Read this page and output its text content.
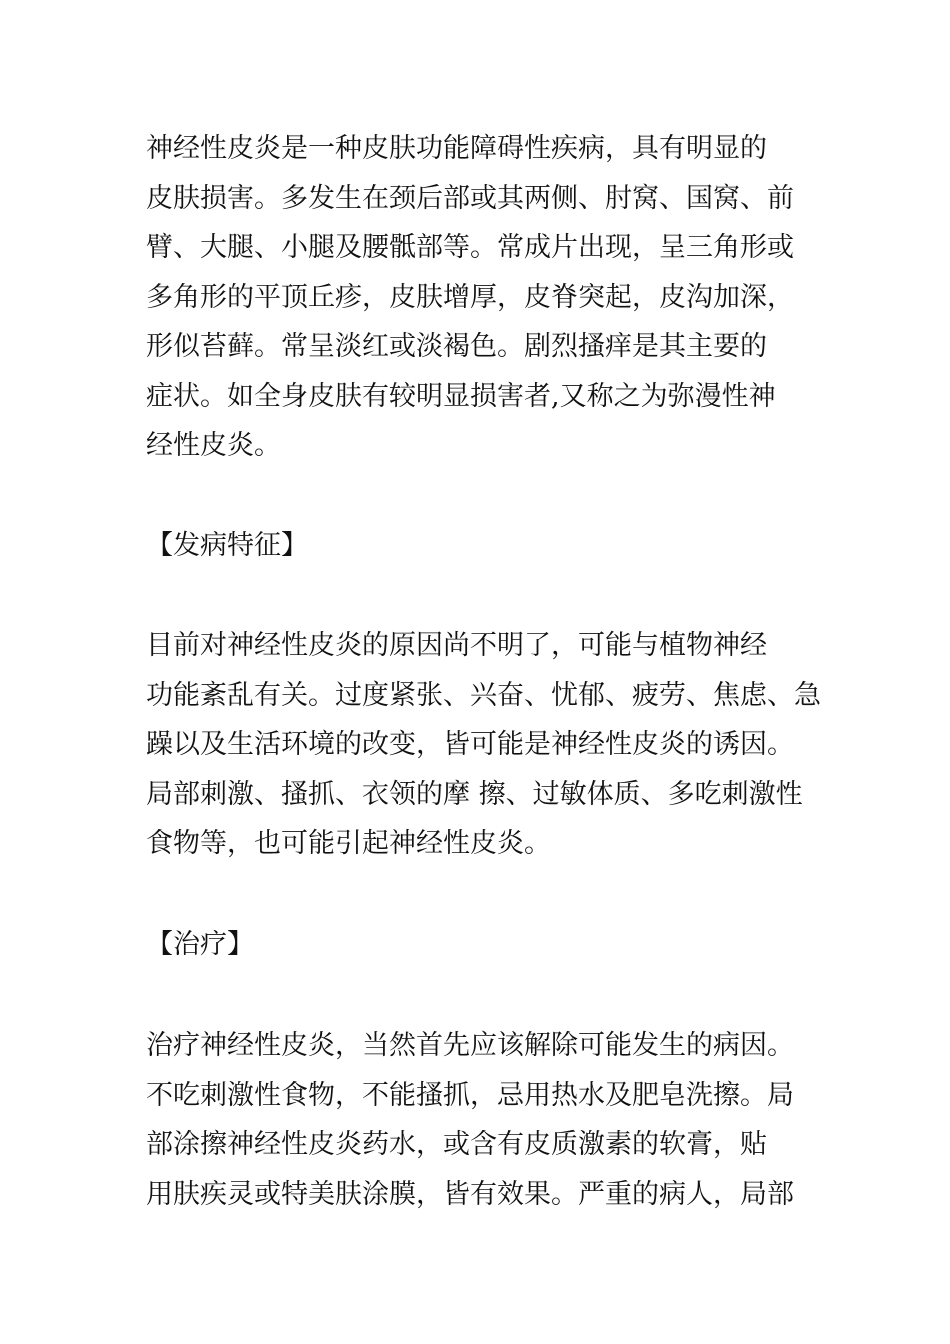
神经性皮炎是一种皮肤功能障碍性疾病，具有明显的
皮肤损害。多发生在颈后部或其两侧、肘窝、国窝、前
臂、大腿、小腿及腰骶部等。常成片出现，呈三角形或
多角形的平顶丘疹，皮肤增厚，皮脊突起，皮沟加深，
形似苔藓。常呈淡红或淡褐色。剧烈搔痒是其主要的
症状。如全身皮肤有较明显损害者,又称之为弥漫性神
经性皮炎。
【发病特征】
目前对神经性皮炎的原因尚不明了，可能与植物神经
功能紊乱有关。过度紧张、兴奋、忧郁、疲劳、焦虑、急
躁以及生活环境的改变，皆可能是神经性皮炎的诱因。
局部刺激、搔抓、衣领的摩 擦、过敏体质、多吃刺激性
食物等，也可能引起神经性皮炎。
【治疗】
治疗神经性皮炎，当然首先应该解除可能发生的病因。
不吃刺激性食物，不能搔抓，忌用热水及肥皂洗擦。局
部涂擦神经性皮炎药水，或含有皮质激素的软膏，贴
用肤疾灵或特美肤涂膜，皆有效果。严重的病人，局部
